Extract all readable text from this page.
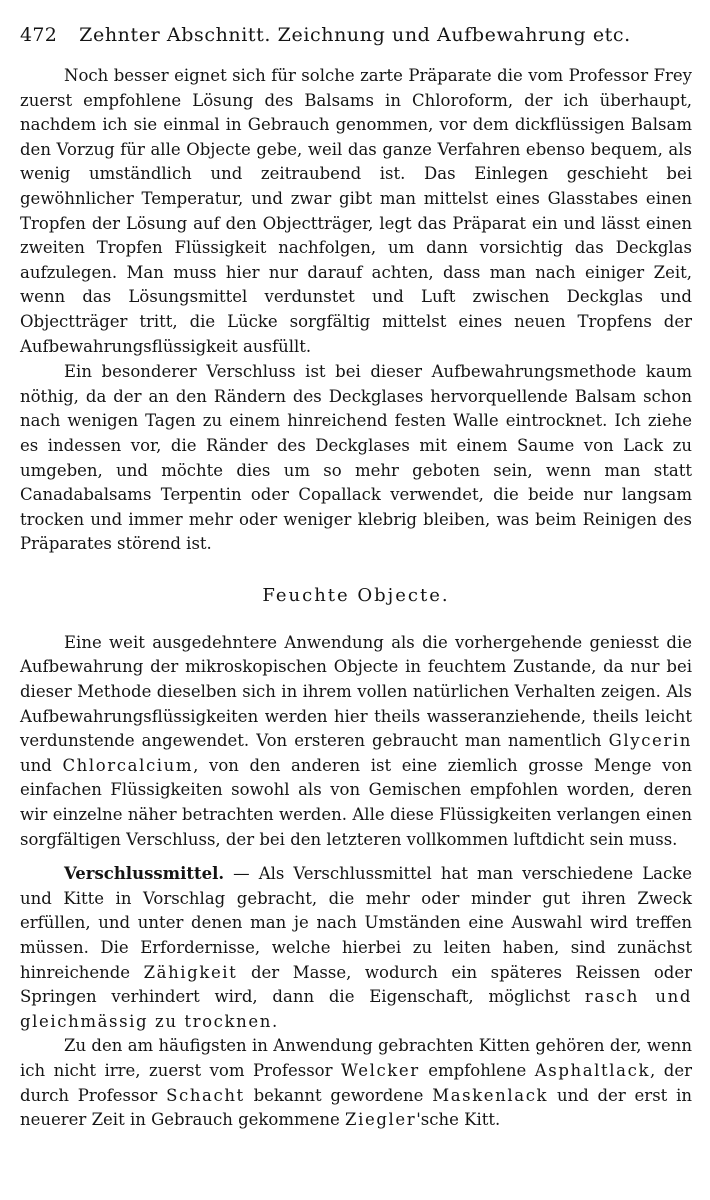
472 Zehnter Abschnitt. Zeichnung und Aufbewahrung etc.

Noch besser eignet sich für solche zarte Präparate die vom Professor Frey zuerst empfohlene Lösung des Balsams in Chloroform, der ich überhaupt, nachdem ich sie einmal in Gebrauch genommen, vor dem dickflüssigen Balsam den Vorzug für alle Objecte gebe, weil das ganze Verfahren ebenso bequem, als wenig umständlich und zeitraubend ist. Das Einlegen geschieht bei gewöhnlicher Temperatur, und zwar gibt man mittelst eines Glasstabes einen Tropfen der Lösung auf den Objectträger, legt das Präparat ein und lässt einen zweiten Tropfen Flüssigkeit nachfolgen, um dann vorsichtig das Deckglas aufzulegen. Man muss hier nur darauf achten, dass man nach einiger Zeit, wenn das Lösungsmittel verdunstet und Luft zwischen Deckglas und Objectträger tritt, die Lücke sorgfältig mittelst eines neuen Tropfens der Aufbewahrungsflüssigkeit ausfüllt.

Ein besonderer Verschluss ist bei dieser Aufbewahrungsmethode kaum nöthig, da der an den Rändern des Deckglases hervorquellende Balsam schon nach wenigen Tagen zu einem hinreichend festen Walle eintrocknet. Ich ziehe es indessen vor, die Ränder des Deckglases mit einem Saume von Lack zu umgeben, und möchte dies um so mehr geboten sein, wenn man statt Canadabalsams Terpentin oder Copallack verwendet, die beide nur langsam trocken und immer mehr oder weniger klebrig bleiben, was beim Reinigen des Präparates störend ist.

Feuchte Objecte.

Eine weit ausgedehntere Anwendung als die vorhergehende geniesst die Aufbewahrung der mikroskopischen Objecte in feuchtem Zustande, da nur bei dieser Methode dieselben sich in ihrem vollen natürlichen Verhalten zeigen. Als Aufbewahrungsflüssigkeiten werden hier theils wasseranziehende, theils leicht verdunstende angewendet. Von ersteren gebraucht man namentlich Glycerin und Chlorcalcium, von den anderen ist eine ziemlich grosse Menge von einfachen Flüssigkeiten sowohl als von Gemischen empfohlen worden, deren wir einzelne näher betrachten werden. Alle diese Flüssigkeiten verlangen einen sorgfältigen Verschluss, der bei den letzteren vollkommen luftdicht sein muss.

Verschlussmittel. — Als Verschlussmittel hat man verschiedene Lacke und Kitte in Vorschlag gebracht, die mehr oder minder gut ihren Zweck erfüllen, und unter denen man je nach Umständen eine Auswahl wird treffen müssen. Die Erfordernisse, welche hierbei zu leiten haben, sind zunächst hinreichende Zähigkeit der Masse, wodurch ein späteres Reissen oder Springen verhindert wird, dann die Eigenschaft, möglichst rasch und gleichmässig zu trocknen.

Zu den am häufigsten in Anwendung gebrachten Kitten gehören der, wenn ich nicht irre, zuerst vom Professor Welcker empfohlene Asphaltlack, der durch Professor Schacht bekannt gewordene Maskenlack und der erst in neuerer Zeit in Gebrauch gekommene Ziegler'sche Kitt.
